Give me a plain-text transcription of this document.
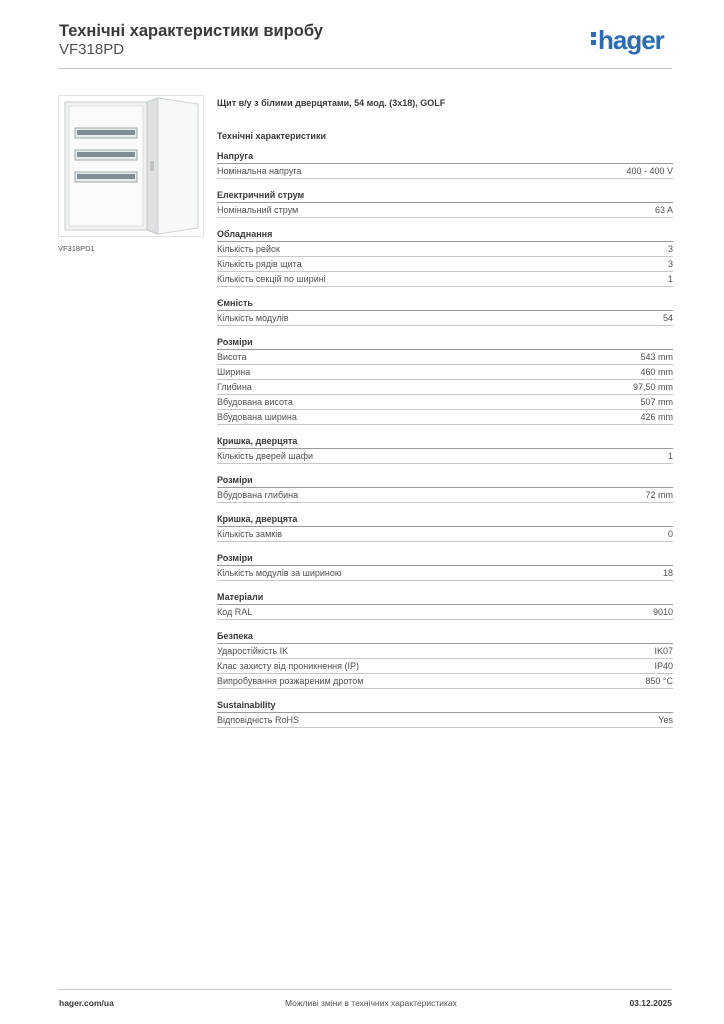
Технічні характеристики виробу
VF318PD	hager
VF318PD1
Щит в/у з білими дверцятами, 54 мод. (3x18), GOLF
Технічні характеристики
Напруга
Номінальна напруга	400 - 400 V
Електричний струм
Номінальний струм	63 A
Обладнання
Кількість рейок	3
Кількість рядів щита	3
Кількість секцій по ширині	1
Ємність
Кількість модулів	54
Розміри
Висота	543 mm
Ширина	460 mm
Глибина	97,50 mm
Вбудована висота	507 mm
Вбудована ширина	426 mm
Кришка, дверцята
Кількість дверей шафи	1
Розміри
Вбудована глибина	72 mm
Кришка, дверцята
Кількість замків	0
Розміри
Кількість модулів за шириною	18
Матеріали
Код RAL	9010
Безпека
Ударостійкість IK	IK07
Клас захисту від проникнення (IP)	IP40
Випробування розжареним дротом	850 °C
Sustainability
Відповідність RoHS	Yes
hager.com/ua	Можливі зміни в технічних характеристиках	03.12.2025
